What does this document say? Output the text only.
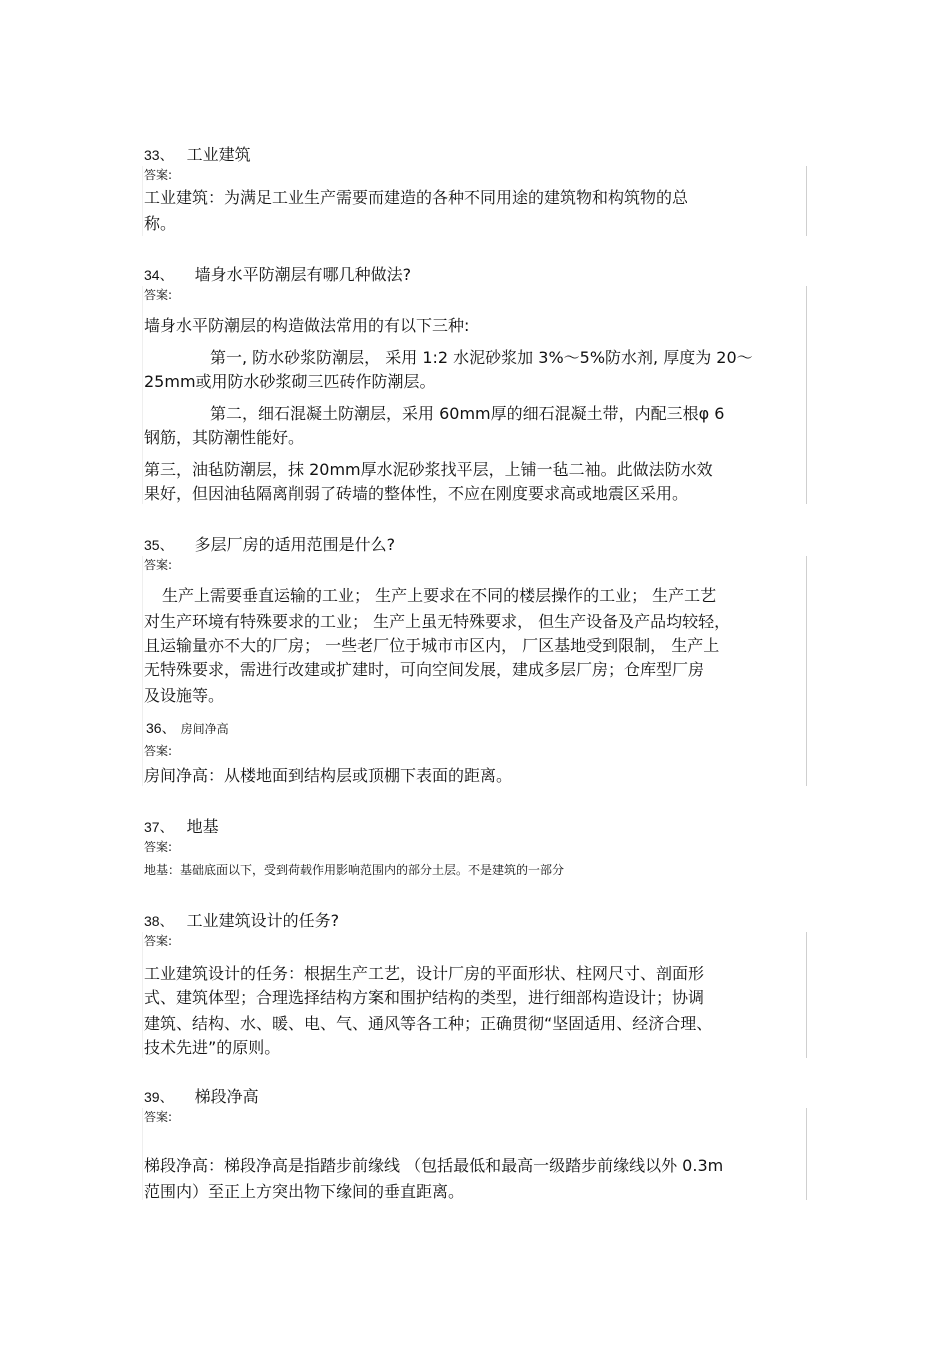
33、 工业建筑
答案:
工业建筑：为满足工业生产需要而建造的各种不同用途的建筑物和构筑物的总
称。
34、 墙身水平防潮层有哪几种做法?
答案:
墙身水平防潮层的构造做法常用的有以下三种:
第一, 防水砂浆防潮层， 采用 1:2 水泥砂浆加 3%～5%防水剂, 厚度为 20～
25mm或用防水砂浆砌三匹砖作防潮层。
第二，细石混凝土防潮层，采用 60mm厚的细石混凝土带，内配三根φ 6
钢筋，其防潮性能好。
第三，油毡防潮层，抹 20mm厚水泥砂浆找平层，上铺一毡二袖。此做法防水效
果好，但因油毡隔离削弱了砖墙的整体性，不应在刚度要求高或地震区采用。
35、 多层厂房的适用范围是什么?
答案:
生产上需要垂直运输的工业； 生产上要求在不同的楼层操作的工业； 生产工艺
对生产环境有特殊要求的工业； 生产上虽无特殊要求， 但生产设备及产品均较轻，
且运输量亦不大的厂房； 一些老厂位于城市市区内， 厂区基地受到限制， 生产上
无特殊要求，需进行改建或扩建时，可向空间发展，建成多层厂房；仓库型厂房
及设施等。
36、 房间净高
答案:
房间净高：从楼地面到结构层或顶棚下表面的距离。
37、 地基
答案:
地基：基础底面以下，受到荷载作用影响范围内的部分土层。不是建筑的一部分
38、 工业建筑设计的任务?
答案:
工业建筑设计的任务：根据生产工艺，设计厂房的平面形状、柱网尺寸、剖面形
式、建筑体型；合理选择结构方案和围护结构的类型，进行细部构造设计；协调
建筑、结构、水、暖、电、气、通风等各工种；正确贯彻“坚固适用、经济合理、
技术先进”的原则。
39、 梯段净高
答案:
梯段净高：梯段净高是指踏步前缘线 （包括最低和最高一级踏步前缘线以外 0.3m
范围内）至正上方突出物下缘间的垂直距离。
